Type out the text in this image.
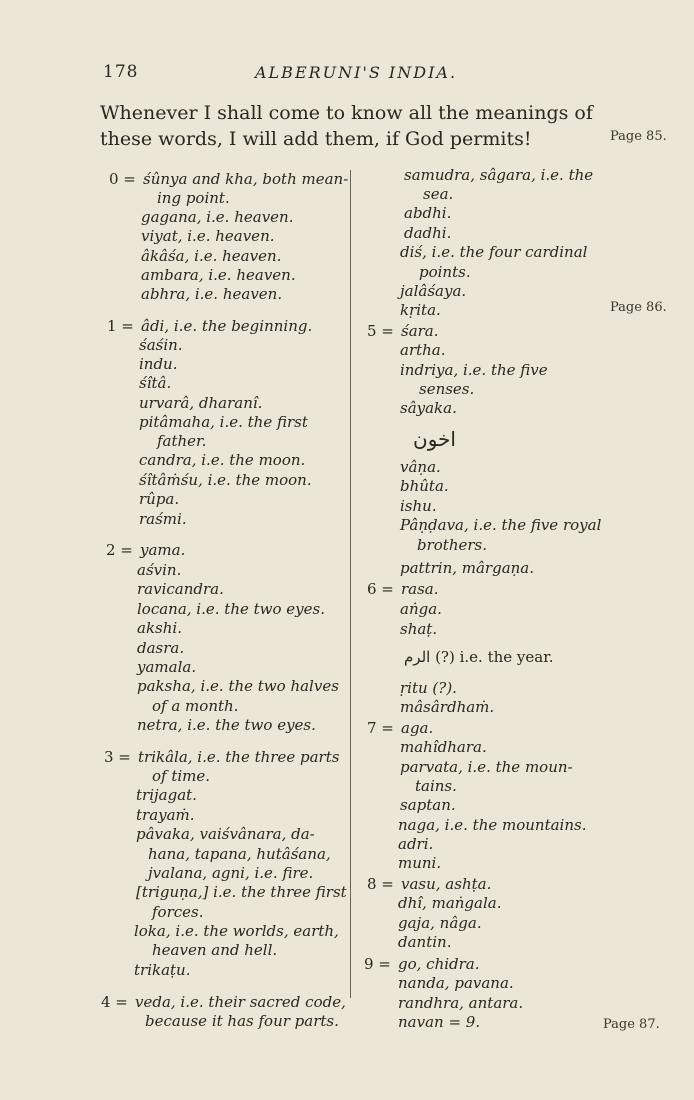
178	ALBERUNI'S INDIA.
Whenever I shall come to know all the meanings of
these words, I will add them, if God permits!	Page 85.
Page 86.
Page 87.
0 = śûnya and kha, both mean-
ing point.
gagana, i.e. heaven.
viyat, i.e. heaven.
âkâśa, i.e. heaven.
ambara, i.e. heaven.
abhra, i.e. heaven.
1 = âdi, i.e. the beginning.
śaśin.
indu.
śîtâ.
urvarâ, dharanî.
pitâmaha, i.e. the first
father.
candra, i.e. the moon.
śîtâṁśu, i.e. the moon.
rûpa.
raśmi.
2 = yama.
aśvin.
ravicandra.
locana, i.e. the two eyes.
akshi.
dasra.
yamala.
paksha, i.e. the two halves
of a month.
netra, i.e. the two eyes.
3 = trikâla, i.e. the three parts
of time.
trijagat.
trayaṁ.
pâvaka, vaiśvânara, da-
hana, tapana, hutâśana,
jvalana, agni, i.e. fire.
[triguṇa,] i.e. the three first
forces.
loka, i.e. the worlds, earth,
heaven and hell.
trikaṭu.
4 = veda, i.e. their sacred code,
because it has four parts.
samudra, sâgara, i.e. the
sea.
abdhi.
dadhi.
diś, i.e. the four cardinal
points.
jalâśaya.
kṛita.
5 = śara.
artha.
indriya, i.e. the five
senses.
sâyaka.
اخون
vâṇa.
bhûta.
ishu.
Pâṇḍava, i.e. the five royal
brothers.
pattrin, mârgaṇa.
6 = rasa.
aṅga.
shaṭ.
الرم (?) i.e. the year.
ṛitu (?).
mâsârdhaṁ.
7 = aga.
mahîdhara.
parvata, i.e. the moun-
tains.
saptan.
naga, i.e. the mountains.
adri.
muni.
8 = vasu, ashṭa.
dhî, maṅgala.
gaja, nâga.
dantin.
9 = go, chidra.
nanda, pavana.
randhra, antara.
navan = 9.
